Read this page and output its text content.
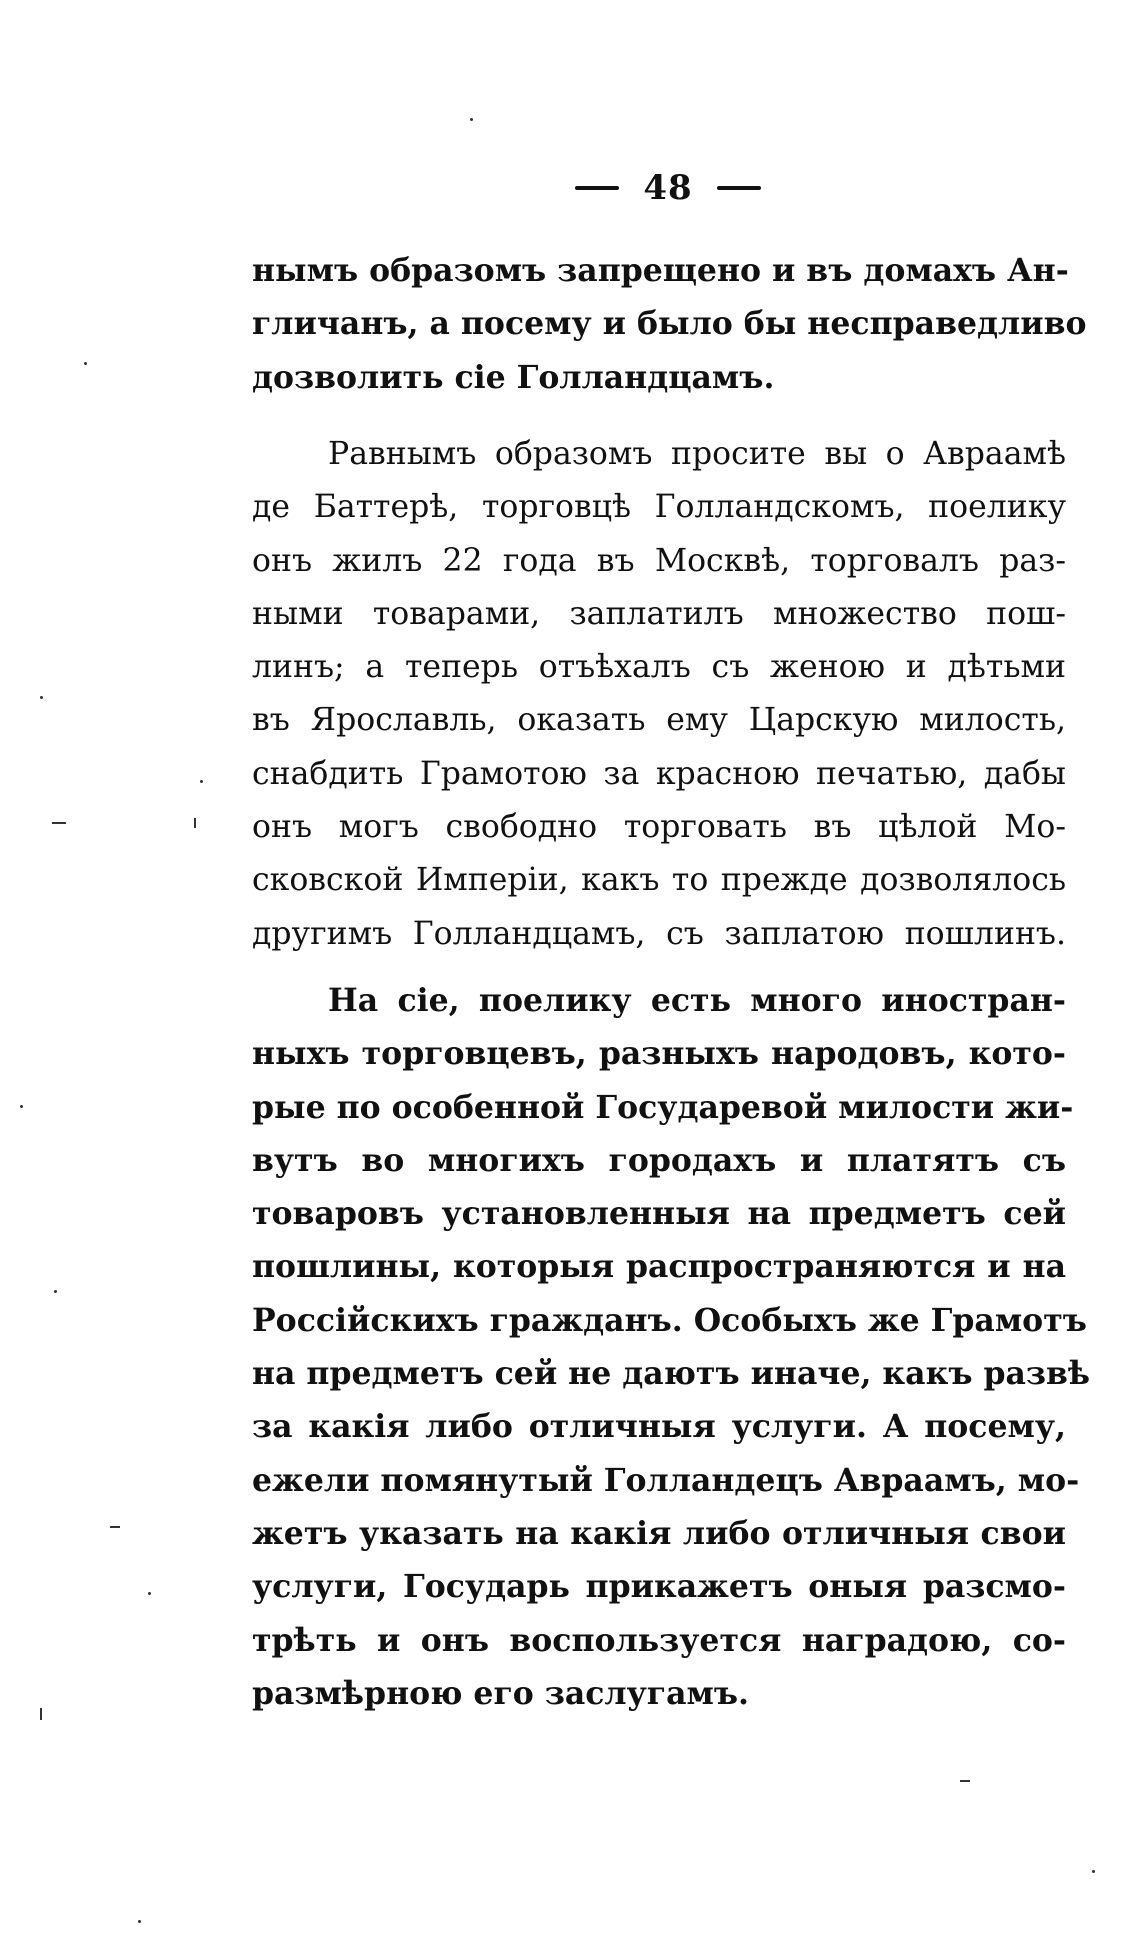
48
нымъ образомъ запрещено и въ домахъ Ан-
гличанъ, а посему и было бы несправедливо
дозволить сіе Голландцамъ.
Равнымъ образомъ просите вы о Авраамѣ
де Баттерѣ, торговцѣ Голландскомъ, поелику
онъ жилъ 22 года въ Москвѣ, торговалъ раз-
ными товарами, заплатилъ множество пош-
линъ; а теперь отъѣхалъ съ женою и дѣтьми
въ Ярославль, оказать ему Царскую милость,
снабдить Грамотою за красною печатью, дабы
онъ могъ свободно торговать въ цѣлой Мо-
сковской Имперіи, какъ то прежде дозволялось
другимъ Голландцамъ, съ заплатою пошлинъ.
На сіе, поелику есть много иностран-
ныхъ торговцевъ, разныхъ народовъ, кото-
рые по особенной Государевой милости жи-
вутъ во многихъ городахъ и платятъ съ
товаровъ установленныя на предметъ сей
пошлины, которыя распространяются и на
Россійскихъ гражданъ. Особыхъ же Грамотъ
на предметъ сей не даютъ иначе, какъ развѣ
за какія либо отличныя услуги. А посему,
ежели помянутый Голландецъ Авраамъ, мо-
жетъ указать на какія либо отличныя свои
услуги, Государь прикажетъ оныя разсмо-
трѣть и онъ воспользуется наградою, со-
размѣрною его заслугамъ.
